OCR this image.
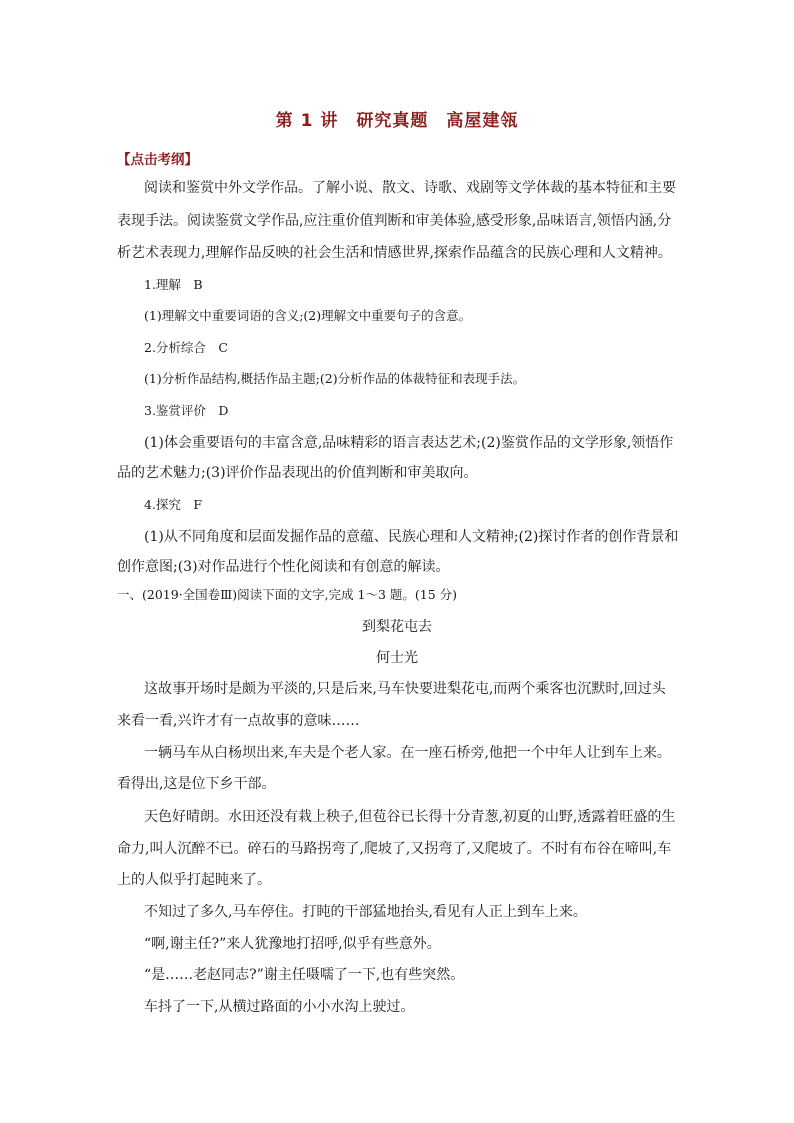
第 1 讲　研究真题　高屋建瓴
【点击考纲】
阅读和鉴赏中外文学作品。了解小说、散文、诗歌、戏剧等文学体裁的基本特征和主要
表现手法。阅读鉴赏文学作品,应注重价值判断和审美体验,感受形象,品味语言,领悟内涵,分
析艺术表现力,理解作品反映的社会生活和情感世界,探索作品蕴含的民族心理和人文精神。
1.理解　B
(1)理解文中重要词语的含义;(2)理解文中重要句子的含意。
2.分析综合　C
(1)分析作品结构,概括作品主题;(2)分析作品的体裁特征和表现手法。
3.鉴赏评价　D
(1)体会重要语句的丰富含意,品味精彩的语言表达艺术;(2)鉴赏作品的文学形象,领悟作
品的艺术魅力;(3)评价作品表现出的价值判断和审美取向。
4.探究　F
(1)从不同角度和层面发掘作品的意蕴、民族心理和人文精神;(2)探讨作者的创作背景和
创作意图;(3)对作品进行个性化阅读和有创意的解读。
一、(2019·全国卷Ⅲ)阅读下面的文字,完成 1～3 题。(15 分)
到梨花屯去
何士光
这故事开场时是颇为平淡的,只是后来,马车快要进梨花屯,而两个乘客也沉默时,回过头
来看一看,兴许才有一点故事的意味……
一辆马车从白杨坝出来,车夫是个老人家。在一座石桥旁,他把一个中年人让到车上来。
看得出,这是位下乡干部。
天色好晴朗。水田还没有栽上秧子,但苞谷已长得十分青葱,初夏的山野,透露着旺盛的生
命力,叫人沉醉不已。碎石的马路拐弯了,爬坡了,又拐弯了,又爬坡了。不时有布谷在啼叫,车
上的人似乎打起盹来了。
不知过了多久,马车停住。打盹的干部猛地抬头,看见有人正上到车上来。
“啊,谢主任?”来人犹豫地打招呼,似乎有些意外。
“是……老赵同志?”谢主任嗫嚅了一下,也有些突然。
车抖了一下,从横过路面的小小水沟上驶过。
